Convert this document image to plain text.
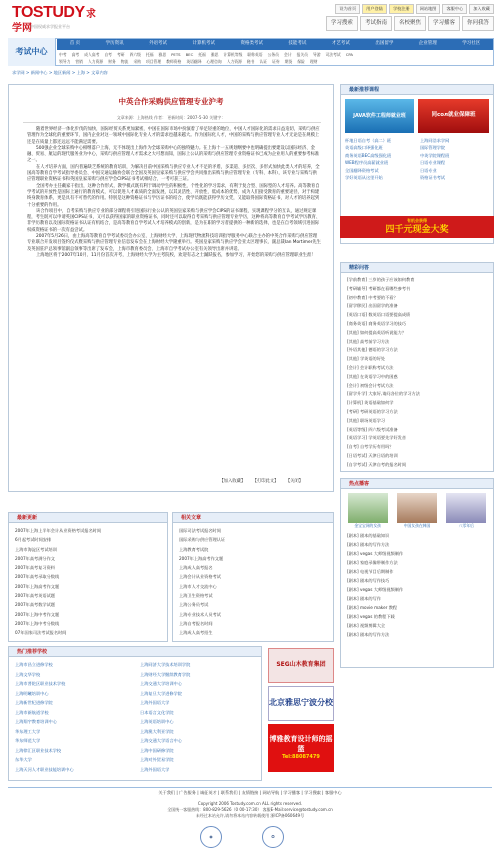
TOSTUDY 求学网
中国权威求学报业平台
设为首页	用户登陆	学校注册	网站地图	客服中心	加入收藏
学习搜索	考试指南	名校聚焦	学习播客	你问我答
考试中心
首 页	学历资讯	外语考试	计算机考试	资格类考试	技能考试	才艺考试	出国留学	企业管理	学习社区
中考 高考 成人高考 自考 考研 四六级 托福 雅思 PETS BEC 托福 雅思 计算机等级 职称英语 公务员 会计 报关员 导游 司法考试 CPA
领导力 营销 人力资源 财务 物流 采购 项目管理 教师资格 英语翻译 心理咨询 人力资源 秘书 认证 证券 期货 保险 理财
求学网 > 新闻中心 > 地区新闻 > 上海 > 文章内容
中英合作采购供应管理专业沪考
文章来源：上海热线 作者： 更新时间：2007-5-30 关键字：

随着世界经济一体化步伐的加快，国际经贸关系更加紧密，中国在国际市场中扮演着了举足轻重的地位，中国人才国际化的需求日益迫切，采购与供应管理作为全球化的重要环节，国内企业对这一领域中国际化专业人才的需求也越来越大。作为国际化人才，中国的采购与供应管理专业人才无论是在规模上还是在质量上都还远远不能满足需要。

500强企业全球采购中心相继落户上海，无不体现出上海作为全球采购中心的独特魅力。在上海十一五规划纲要中也明确提出要建设以国际经济、金融、贸易、航运的现代服务业为中心，采购与供应管理人才需求之大可想而知，国际上公认的采购与供应管理专业资格证书已成为企业用人的重要参考标准之一。

在人才培养方面，国内普遍缺乏系统的教育培训，为解决目前中国采购与供应专业人才不足的矛盾，多渠道、多层次、多形式加快此类人才的培养，全国高等教育自学考试指导委员会、中国交通运输协会联合全国及英国皇家采购与供应学会共同推出采购与供应管理专业（专科、本科），该专业与采购与供应管理职业资格证书和英国皇家采购与供应学会CIPS证书考试相结合，一考可获三证。

全国考办主任戴家干指出，这种合作形式，教学模式既有利于调动学生的积极性，个性化的学习需求，有利于复合型、国际型的人才培养。高等教育自学考试的开放性是国际上通行的教育模式，可以促进人才素质的全面发展，以其灵活性、开放性、低成本的优势，成为人们接受教育的重要途径，对于构建终身教育体系，更是具有不可替代的作用。特别是这种资格证书与学历证书的结合，使学员既能获得学历文凭，又能取得国际资格证书，对人才的培养起到十分重要的作用。

该合作项目中，自考采购与供应专业的部分课程将引进国际行业公认的英国皇家采购与供应学会CIPS的证书课程，实现课程学分的互认，通过规定课程，考生既可以申请英国CIPS证书，又可以获得国家的职业资格证书，同时还可以取得自考采购与供应管理专业学历，这种将高等教育自学考试学历教育、非学历教育以及国际资格证书认证有机结合，是高等教育自学考试人才培养模式的创新，是为在职的学习者提供的一种新的选择，也是在自考领域引进国际权威资格证书的一次有益尝试。

2007年5月26日，由上海高等教育自学考试委员会办公室、上海财经大学、上海现代物流科技培训指导服务中心联合主办的中英合作采购与供应管理专业联合开发项目签约仪式暨采购与供应管理专业信息发布会在上海财经大学隆重举行。英国皇家采购与供应学会亚太区理事长、副总裁Ian Mortimer先生及英国驻沪总领事馆副总领事等出席了发布会，上海市教育委员会、上海市自学考试办公室有关领导出席并讲话。

上海地区将于2007年10月、11月份首次开考，上海财经大学为主考院校，欢迎有志之士踊跃报名，参加学习，开始您的采购与供应管理职业生涯！

【加入收藏】 【打印此文】 【关闭】
最新推荐课程
JAVA软件工程师就业班	同сол就业保障班
杯地日语自考（高二）班
英语高级口译强化班
商务英语BEC高级强化班
WEB程序员高薪就业班
全国翻译资格考试
学好英语从这里开始
上海同浩求学网
国际管理学院
中英学院课程班
日语专业课程
日语专业
资格证书考试
有机会获得
四千元现金大奖
精彩问答
[学前教育] 三岁的孩子应该如何教育
[考研辅导] 考研都在看哪些参考书
[初中教育] 中考要的不看？
[留学移民] 出国留学的准备
[英语口语] 数英语口语要提高成绩
[商务英语] 商务英语学习的技巧
[其他] 如何提高英语听说能力？
[其他] 高考前学习方法
[外语其他] 德语的学习方法
[其他] 学英语的好处
[会计] 会计职称考试方法
[其他] 在英语学习中的困惑
[会计] 初级会计考试方法
[留学升学] 大家好,请问各位的学习方法
[计算机] 英语基础如何学
[考研] 考研英语的学习方法
[其他] 职场英语学习
[英语等级] 四六级考试准备
[英语学习] 学英语要先学好发音
[自考] 自考学历有用吗？
[日语考试] 天津日语的培训
[自学考试] 天津自考的报名时间
热点播客
金宝宝网的女孩	中国女孩在韩国	八零年后
[剧本] 剧本的基础知识
[剧本] 剧本的写作方法
[剧本] vegas 大师级视频制作
[剧本] 家庭录像带制作方法
[剧本] 电视节目后期制作
[剧本] 剧本的写作技巧
[剧本] vegas 大师级视频制作
[剧本] 剧本的写作
[剧本] movie maker 教程
[剧本] vegas 的教程下载
[剧本] 视频剪辑大全
[剧本] 剧本的写作方法
最新更新
2007年上海上半年会计从业资格考试报名时间
6月起考试时间安排
上海市海淀区考试培训
2007年高考满分作文
2007年高考复习资料
2007年高考录取分数线
2007年上海高考作文题
2007年高考英语试题
2007年高考数学试题
2007年上海中考作文题
2007年上海中考分数线
07年国家司法考试报名时间
相关文章
国际司法考试报名时间
国际采购与供应管理认证
上海教育考试院
2007年上海高考作文题
上海成人高考报名
上海会计从业资格考试
上海市人才交流中心
上海卫生资格考试
上海公务员考试
上海专业技术人员考试
上海自考报名时间
上海成人高考招生
热门推荐学校
上海市昌立进修学校
上海文华学校
上海市普陀区职业技术学校
上海明曦培训中心
上海新世纪进修学院
上海市新航道学校
上海翔宇教育培训中心
华东理工大学
华东师范大学
上海徐汇区职业技术学校
东华大学
上海天河人才职业技能培训中心
上海同济大学技术培训学院
上海财经大学继续教育学院
上海交通大学培训中心
上海复旦大学进修学院
上海外国语大学
日本语言文化学院
上海英语培训中心
上海澳大利亚学院
上海交通大学语言中心
上海中国研修学院
上海对外贸易学院
上海外国语大学
SEG山木教育集团
北京雅思宁波分校
博雅教育设计师的摇篮
Tel:88087479
关于我们 | 广告服务 | 诚征英才 | 联系我们 | 友情链接 | 网站导航 | 学习播客 | 学习搜索 | 客服中心
Copyright 2006 Tostudy.com.cn ALL rights reserved.
全国统一客服热线：800-829-5626（0 00-17:30） 客服E-Mail:service@tostudy.com.cn
未经过本站允许,请勿将本站内容转载使用 浙ICP备060649号
◉	✪
